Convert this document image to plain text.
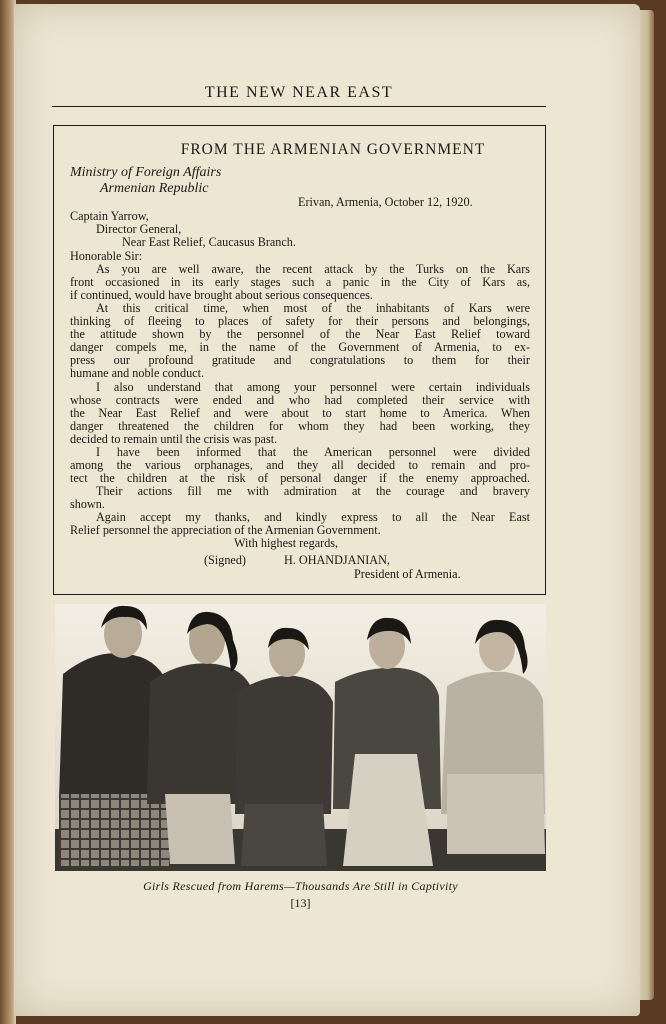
THE NEW NEAR EAST
FROM THE ARMENIAN GOVERNMENT
Ministry of Foreign Affairs
Armenian Republic
Erivan, Armenia, October 12, 1920.
Captain Yarrow,
Director General,
Near East Relief, Caucasus Branch.
Honorable Sir:
As you are well aware, the recent attack by the Turks on the Kars
front occasioned in its early stages such a panic in the City of Kars as,
if continued, would have brought about serious consequences.
At this critical time, when most of the inhabitants of Kars were
thinking of fleeing to places of safety for their persons and belongings,
the attitude shown by the personnel of the Near East Relief toward
danger compels me, in the name of the Government of Armenia, to ex-
press our profound gratitude and congratulations to them for their
humane and noble conduct.
I also understand that among your personnel were certain individuals
whose contracts were ended and who had completed their service with
the Near East Relief and were about to start home to America. When
danger threatened the children for whom they had been working, they
decided to remain until the crisis was past.
I have been informed that the American personnel were divided
among the various orphanages, and they all decided to remain and pro-
tect the children at the risk of personal danger if the enemy approached.
Their actions fill me with admiration at the courage and bravery
shown.
Again accept my thanks, and kindly express to all the Near East
Relief personnel the appreciation of the Armenian Government.
With highest regards,
(Signed)	H. OHANDJANIAN,
President of Armenia.
Girls Rescued from Harems—Thousands Are Still in Captivity
[13]
